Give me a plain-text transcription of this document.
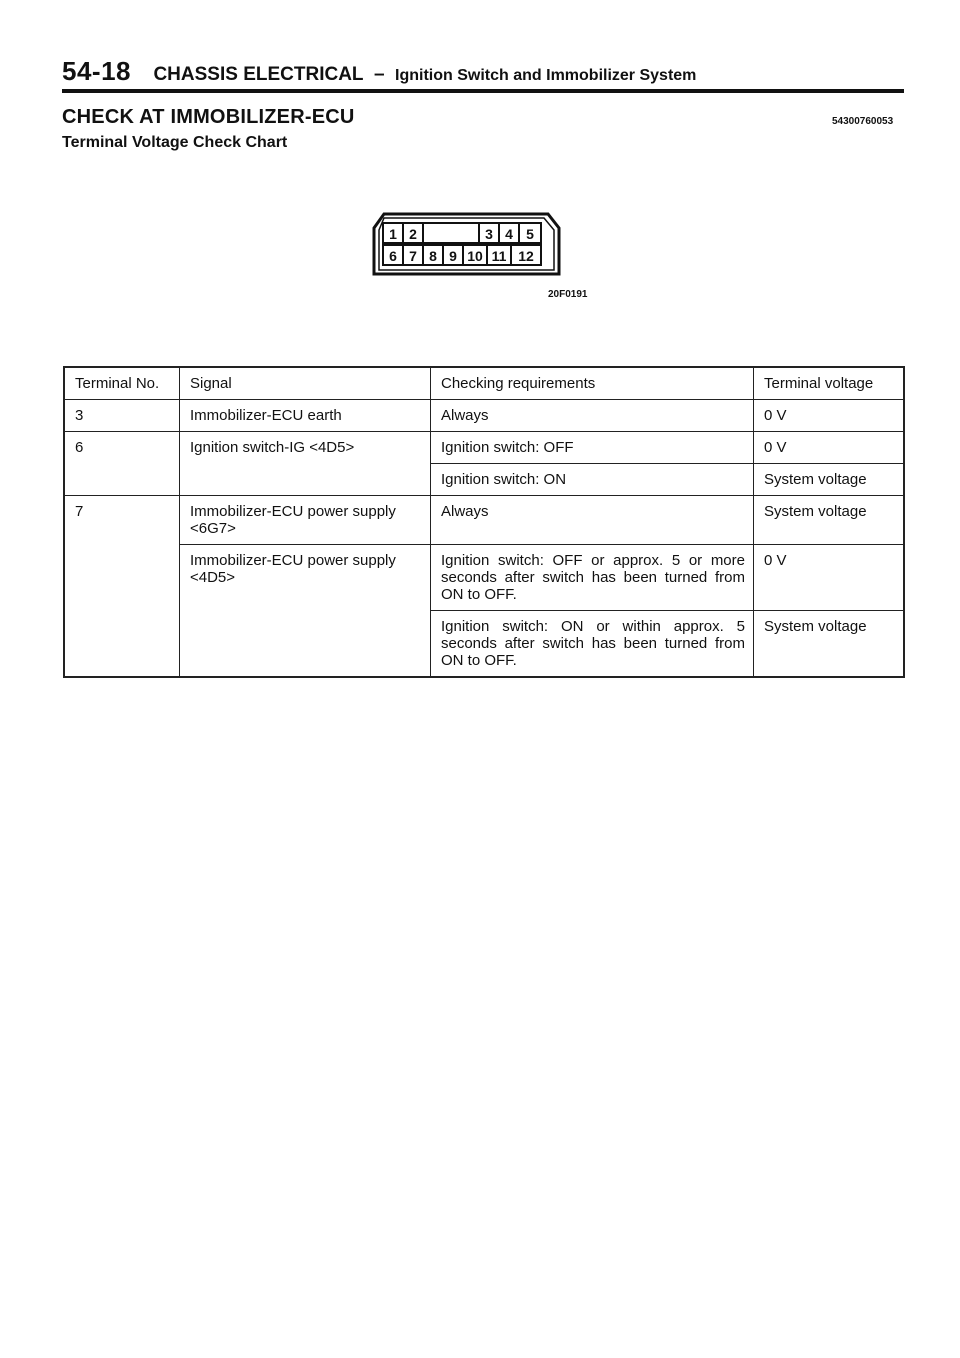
54-18 CHASSIS ELECTRICAL – Ignition Switch and Immobilizer System
CHECK AT IMMOBILIZER-ECU	54300760053
Terminal Voltage Check Chart
1 2	3 4 5
6 7 8 9 10 11 12
20F0191
Terminal No.	Signal	Checking requirements	Terminal voltage
3	Immobilizer-ECU earth	Always	0 V
6	Ignition switch-IG <4D5>	Ignition switch: OFF	0 V
		Ignition switch: ON	System voltage
7	Immobilizer-ECU power supply <6G7>	Always	System voltage
	Immobilizer-ECU power supply <4D5>	Ignition switch: OFF or approx. 5 or more seconds after switch has been turned from ON to OFF.	0 V
		Ignition switch: ON or within approx. 5 seconds after switch has been turned from ON to OFF.	System voltage
